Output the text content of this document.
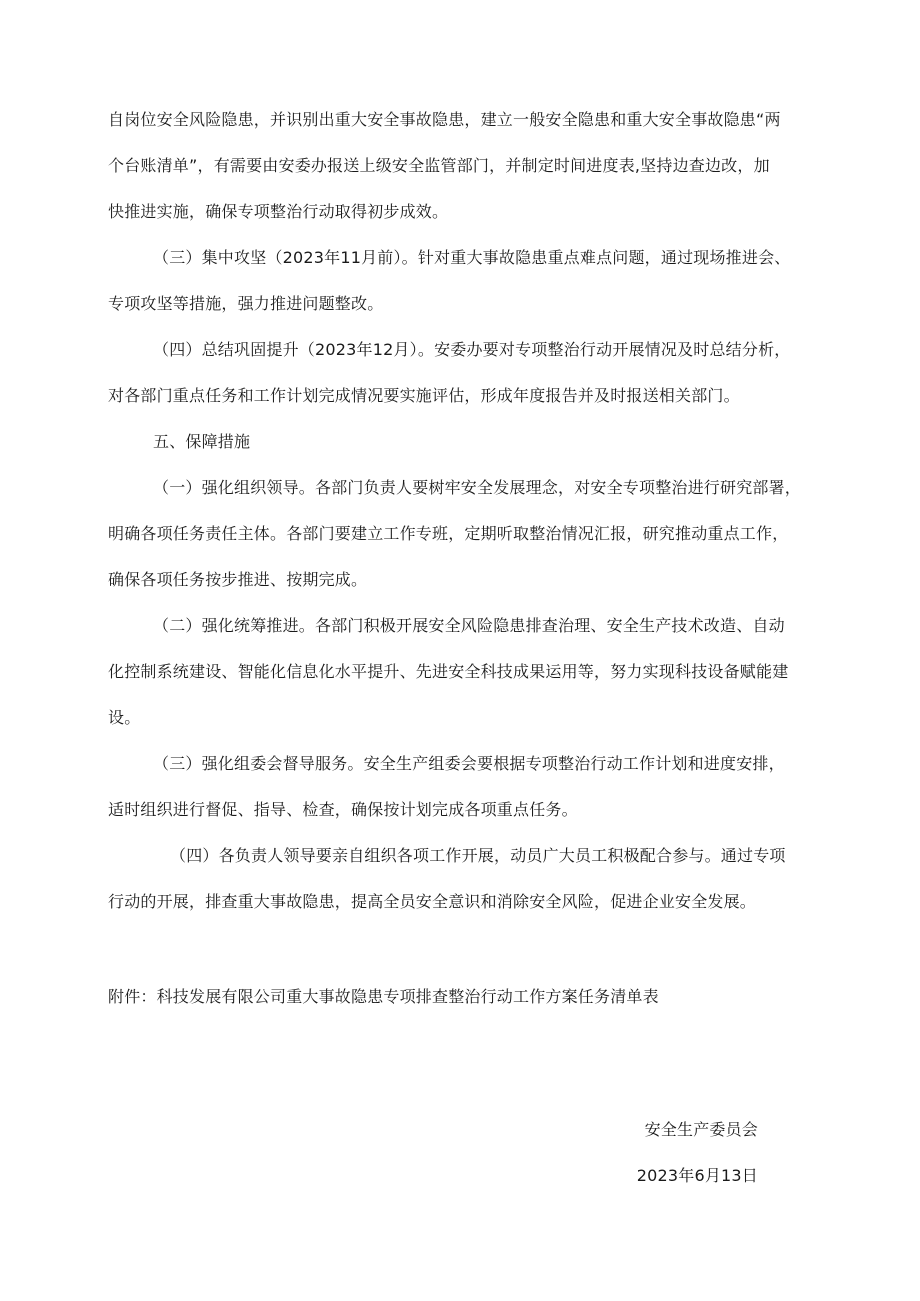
自岗位安全风险隐患，并识别出重大安全事故隐患，建立一般安全隐患和重大安全事故隐患“两
个台账清单”，有需要由安委办报送上级安全监管部门，并制定时间进度表,坚持边查边改，加
快推进实施，确保专项整治行动取得初步成效。
（三）集中攻坚（2023年11月前）。针对重大事故隐患重点难点问题，通过现场推进会、
专项攻坚等措施，强力推进问题整改。
（四）总结巩固提升（2023年12月）。安委办要对专项整治行动开展情况及时总结分析，
对各部门重点任务和工作计划完成情况要实施评估，形成年度报告并及时报送相关部门。
五、保障措施
（一）强化组织领导。各部门负责人要树牢安全发展理念，对安全专项整治进行研究部署，
明确各项任务责任主体。各部门要建立工作专班，定期听取整治情况汇报，研究推动重点工作，
确保各项任务按步推进、按期完成。
（二）强化统筹推进。各部门积极开展安全风险隐患排查治理、安全生产技术改造、自动
化控制系统建设、智能化信息化水平提升、先进安全科技成果运用等，努力实现科技设备赋能建
设。
（三）强化组委会督导服务。安全生产组委会要根据专项整治行动工作计划和进度安排，
适时组织进行督促、指导、检查，确保按计划完成各项重点任务。
（四）各负责人领导要亲自组织各项工作开展，动员广大员工积极配合参与。通过专项
行动的开展，排查重大事故隐患，提高全员安全意识和消除安全风险，促进企业安全发展。
附件：科技发展有限公司重大事故隐患专项排查整治行动工作方案任务清单表
安全生产委员会
2023年6月13日
